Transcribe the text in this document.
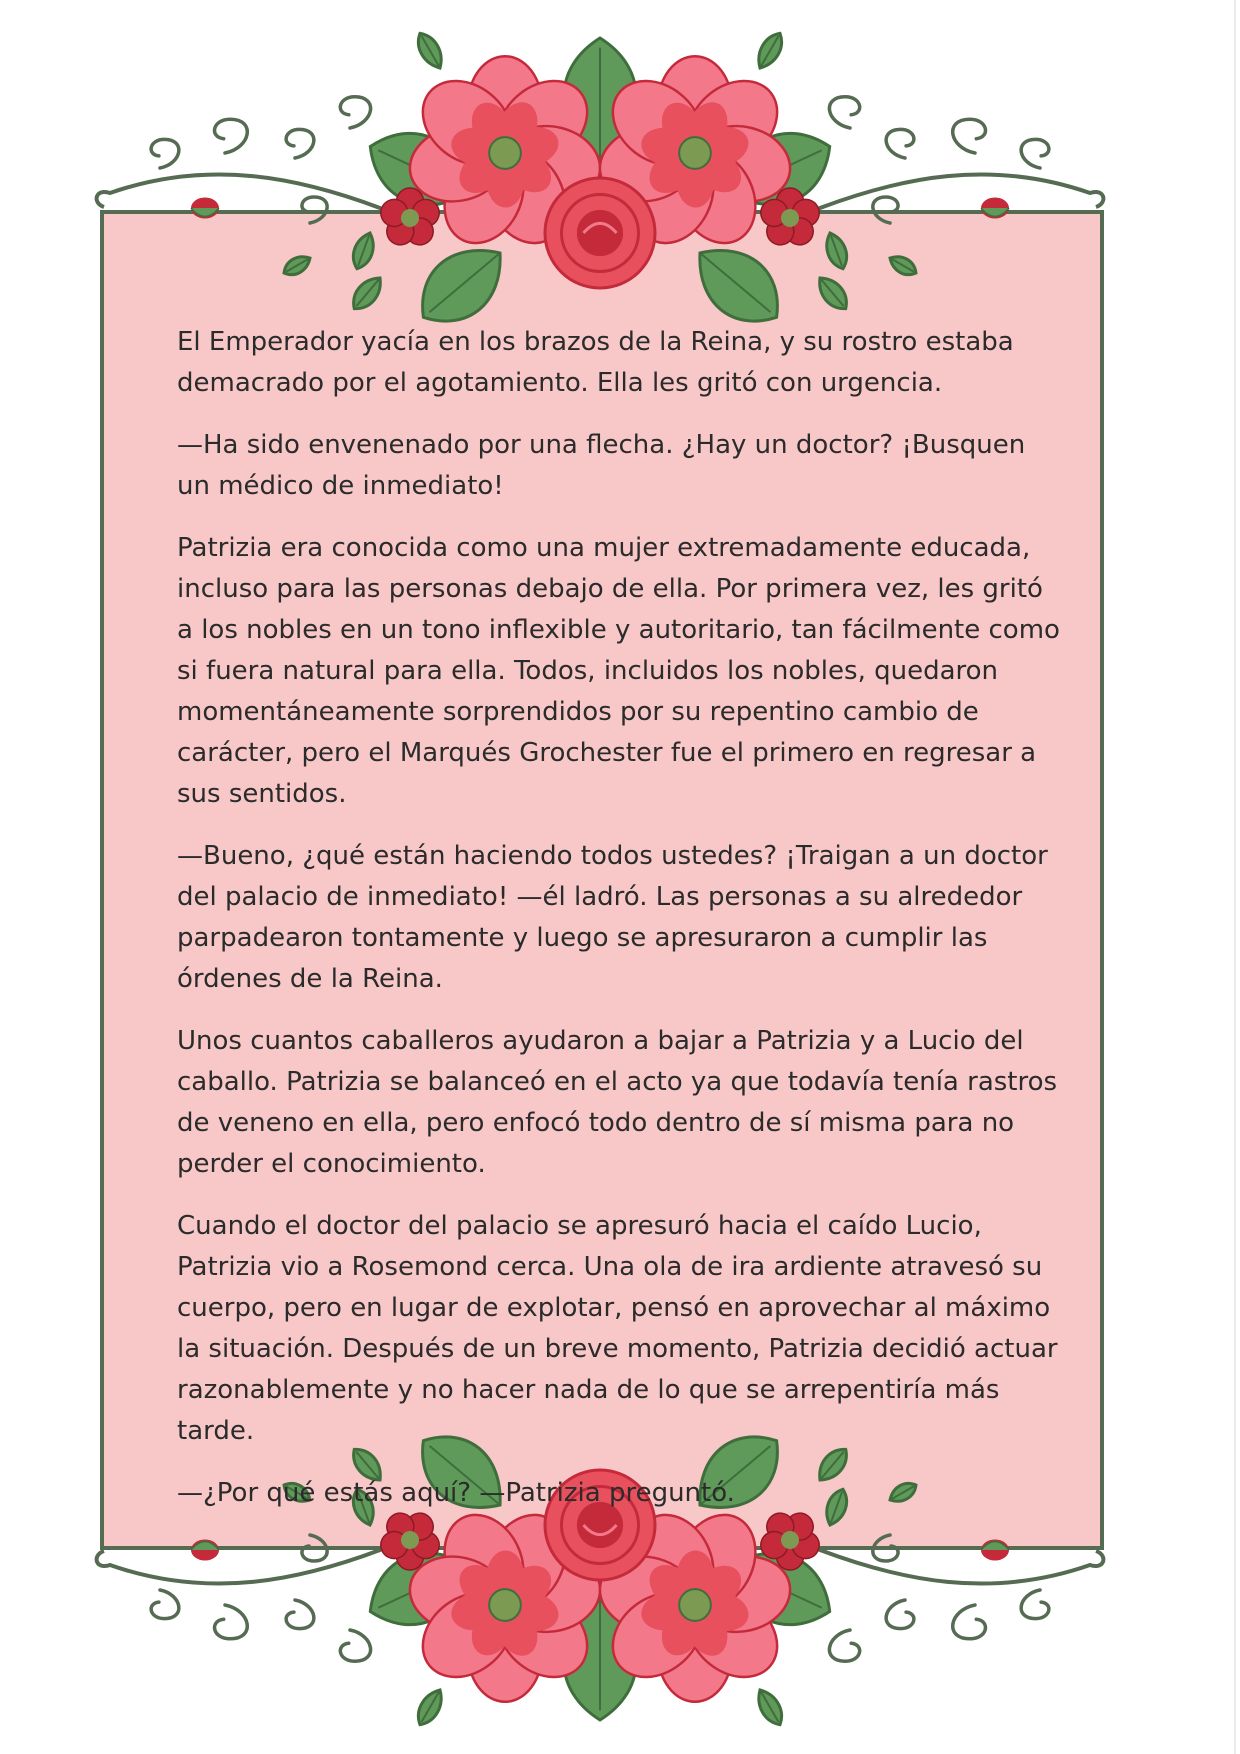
El Emperador yacía en los brazos de la Reina, y su rostro estaba demacrado por el agotamiento. Ella les gritó con urgencia.

—Ha sido envenenado por una flecha. ¿Hay un doctor? ¡Busquen un médico de inmediato!

Patrizia era conocida como una mujer extremadamente educada, incluso para las personas debajo de ella. Por primera vez, les gritó a los nobles en un tono inflexible y autoritario, tan fácilmente como si fuera natural para ella. Todos, incluidos los nobles, quedaron momentáneamente sorprendidos por su repentino cambio de carácter, pero el Marqués Grochester fue el primero en regresar a sus sentidos.

—Bueno, ¿qué están haciendo todos ustedes? ¡Traigan a un doctor del palacio de inmediato! —él ladró. Las personas a su alrededor parpadearon tontamente y luego se apresuraron a cumplir las órdenes de la Reina.

Unos cuantos caballeros ayudaron a bajar a Patrizia y a Lucio del caballo. Patrizia se balanceó en el acto ya que todavía tenía rastros de veneno en ella, pero enfocó todo dentro de sí misma para no perder el conocimiento.

Cuando el doctor del palacio se apresuró hacia el caído Lucio, Patrizia vio a Rosemond cerca. Una ola de ira ardiente atravesó su cuerpo, pero en lugar de explotar, pensó en aprovechar al máximo la situación. Después de un breve momento, Patrizia decidió actuar razonablemente y no hacer nada de lo que se arrepentiría más tarde.

—¿Por qué estás aquí? —Patrizia preguntó.
